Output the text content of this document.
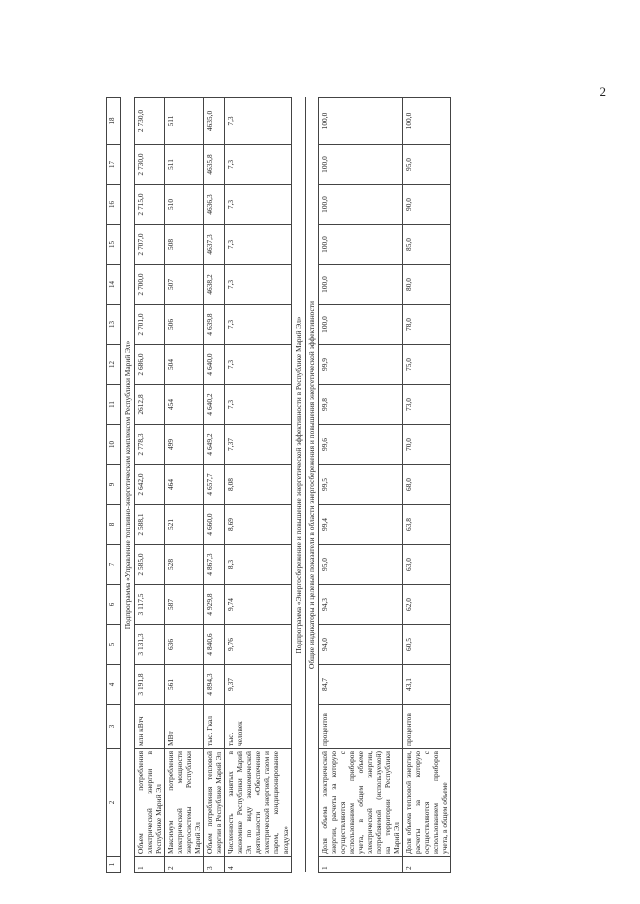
2
1	2	3	4	5	6	7	8	9	10	11	12	13	14	15	16	17	18
Подпрограмма «Управление топливно-энергетическим комплексом Республики Марий Эл»																	
1	Объем потребления электрической энергии в Республике Марий Эл	млн кВтч	3 191,8	3 131,3	3 117,5	2 585,0	2 588,1	2 642,0	2 778,3	2612,8	2 686,0	2 701,0	2 700,0	2 707,0	2 715,0	2 730,0	2 730,0
2	Максимум потребления электрической мощности энергосистемы Республики Марий Эл	МВт	561	636	587	528	521	464	499	454	504	506	507	508	510	511	511
3	Объем потребления тепловой энергии в Республике Марий Эл	тыс. Гкал	4 894,3	4 840,6	4 929,8	4 867,3	4 660,0	4 657,7	4 649,2	4 640,2	4 640,0	4 639,8	4638,2	4637,3	4636,3	4635,8	4635,0
4	Численность занятых в экономике Республики Марий Эл по виду экономической деятельности «Обеспечение электрической энергией, газом и паром, кондиционирование воздуха»	тыс. человек	9,37	9,76	9,74	8,3	8,69	8,08	7,37	7,3	7,3	7,3	7,3	7,3	7,3	7,3	7,3
Подпрограмма «Энергосбережение и повышение энергетической эффективности в Республике Марий Эл»																	
Общие индикаторы и целевые показатели в области энергосбережения и повышения энергетической эффективности																	
1	Доля объема электрической энергии, расчеты за которую осуществляются с использованием приборов учета, в общем объеме электрической энергии, потребляемой (используемой) на территории Республики Марий Эл	процентов	84,7	94,0	94,3	95,0	99,4	99,5	99,6	99,8	99,9	100,0	100,0	100,0	100,0	100,0	100,0
2	Доля объема тепловой энергии, расчеты за которую осуществляются с использованием приборов учета, в общем объеме	процентов	43,1	60,5	62,0	63,0	63,8	68,0	70,0	73,0	75,0	78,0	80,0	85,0	90,0	95,0	100,0
